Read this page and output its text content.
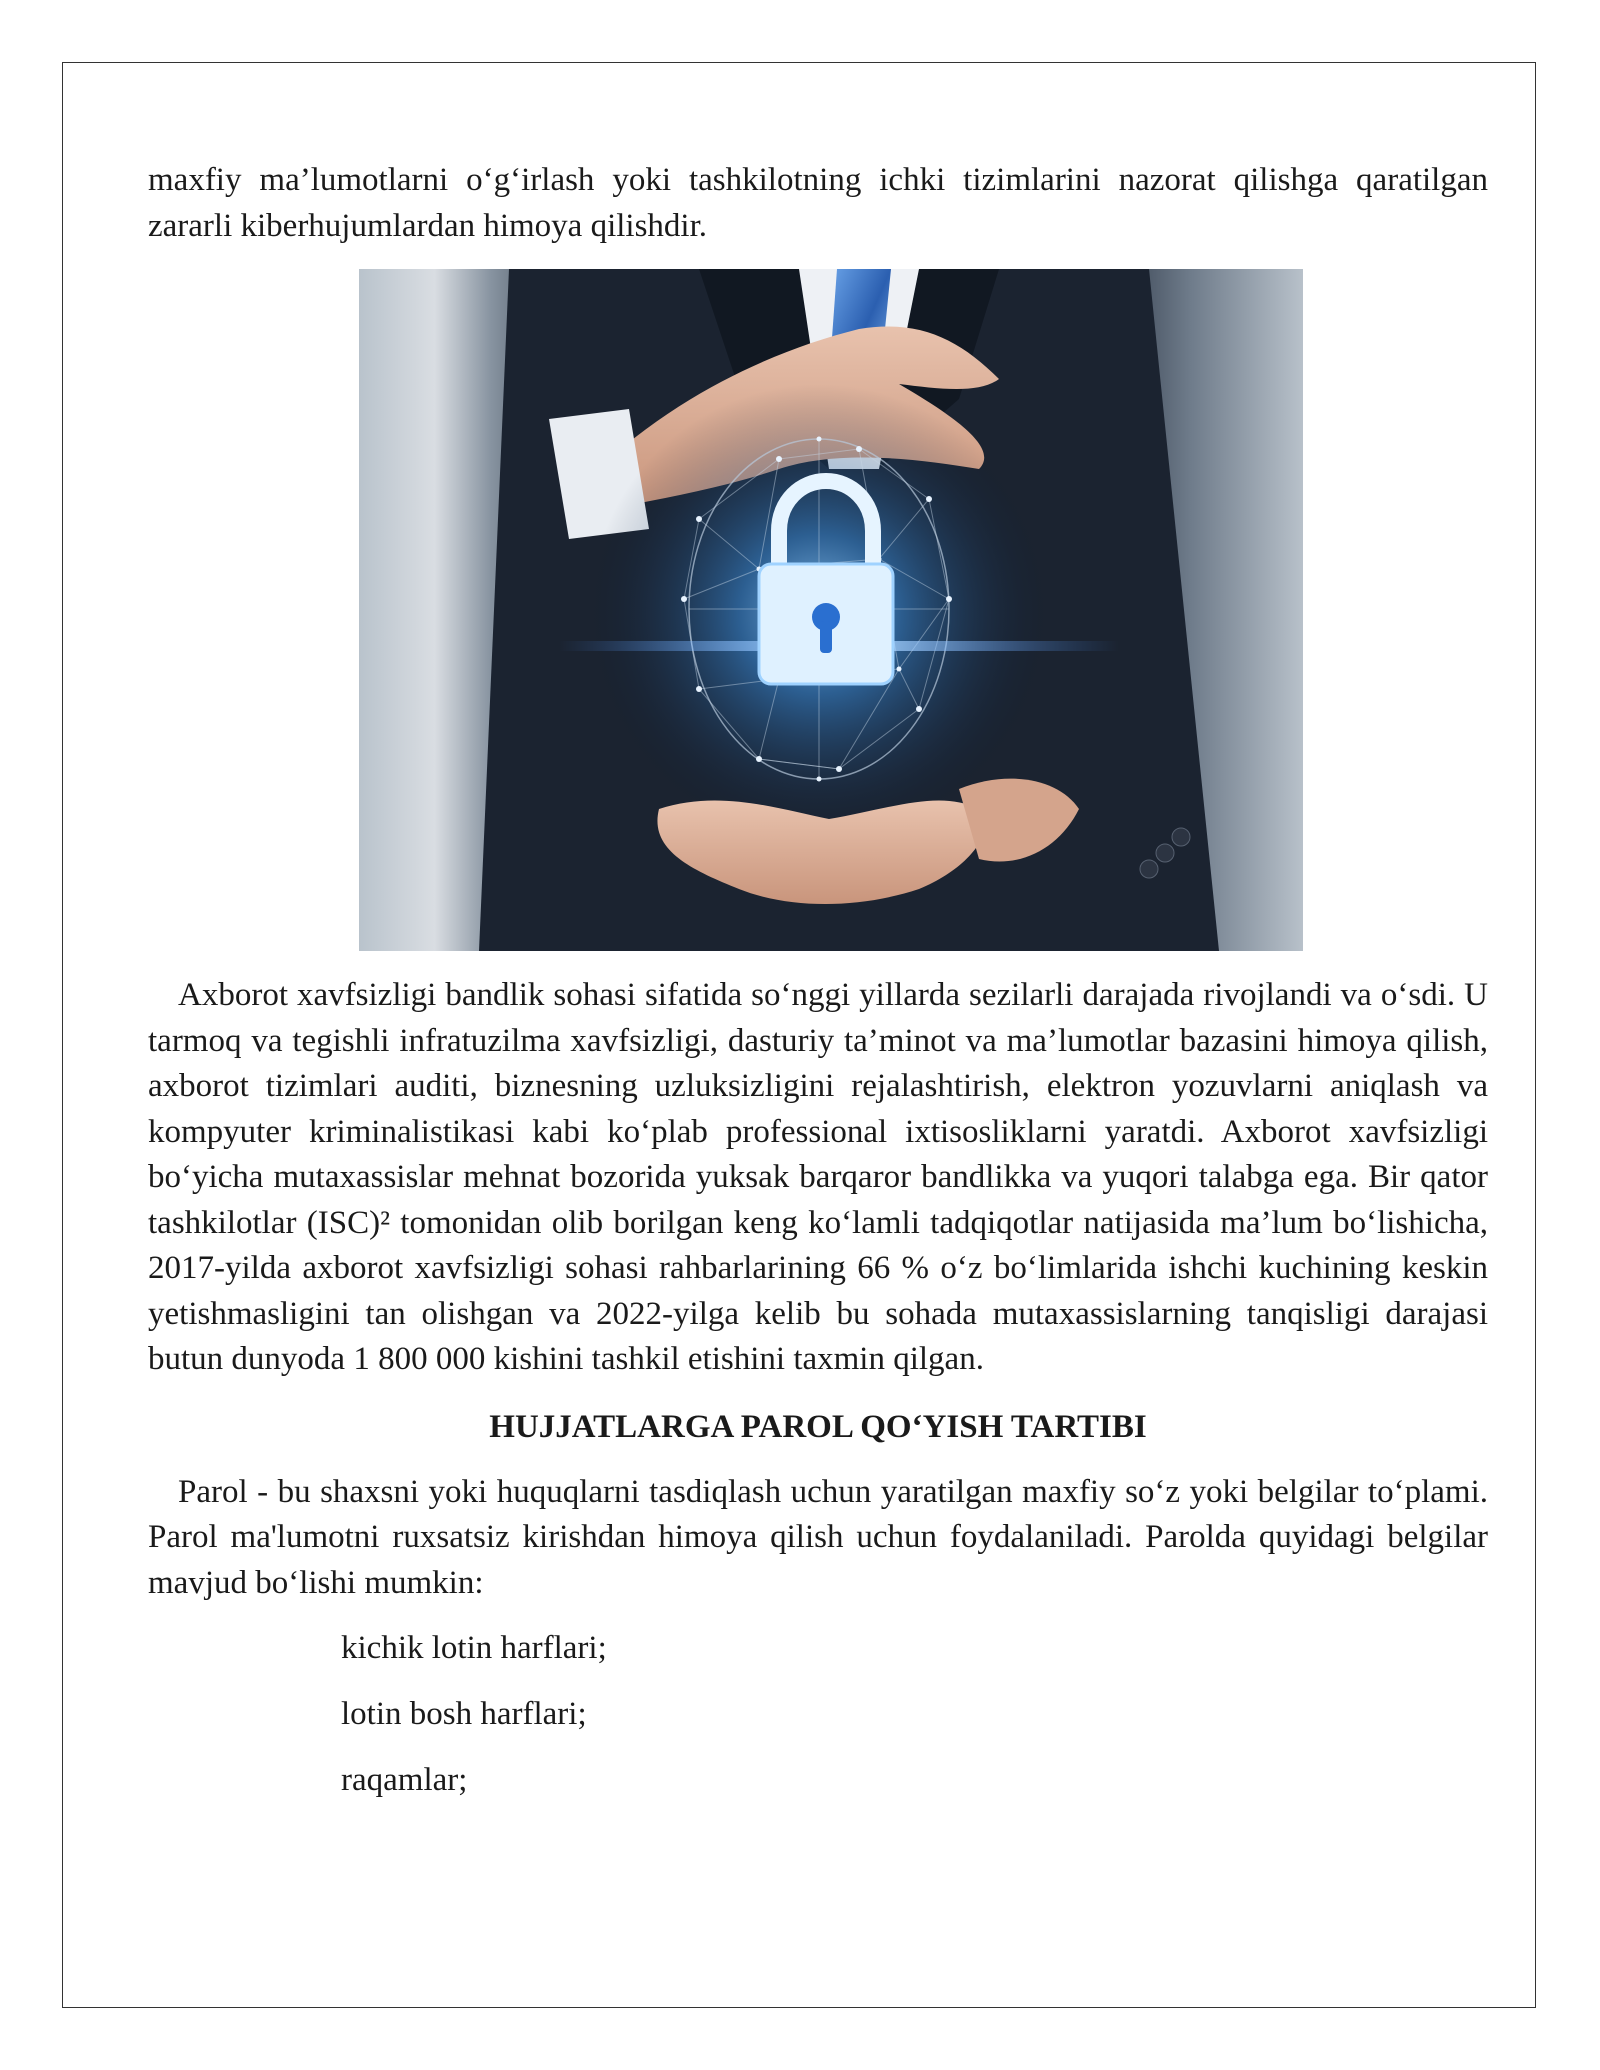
maxfiy ma’lumotlarni o‘g‘irlash yoki tashkilotning ichki tizimlarini nazorat qilishga qaratilgan zararli kiberhujumlardan himoya qilishdir.

Axborot xavfsizligi bandlik sohasi sifatida so‘nggi yillarda sezilarli darajada rivojlandi va o‘sdi. U tarmoq va tegishli infratuzilma xavfsizligi, dasturiy ta’minot va ma’lumotlar bazasini himoya qilish, axborot tizimlari auditi, biznesning uzluksizligini rejalashtirish, elektron yozuvlarni aniqlash va kompyuter kriminalistikasi kabi ko‘plab professional ixtisosliklarni yaratdi. Axborot xavfsizligi bo‘yicha mutaxassislar mehnat bozorida yuksak barqaror bandlikka va yuqori talabga ega. Bir qator tashkilotlar (ISC)² tomonidan olib borilgan keng ko‘lamli tadqiqotlar natijasida ma’lum bo‘lishicha, 2017-yilda axborot xavfsizligi sohasi rahbarlarining 66 % o‘z bo‘limlarida ishchi kuchining keskin yetishmasligini tan olishgan va 2022-yilga kelib bu sohada mutaxassislarning tanqisligi darajasi butun dunyoda 1 800 000 kishini tashkil etishini taxmin qilgan.

HUJJATLARGA PAROL QO‘YISH TARTIBI

Parol - bu shaxsni yoki huquqlarni tasdiqlash uchun yaratilgan maxfiy so‘z yoki belgilar to‘plami. Parol ma'lumotni ruxsatsiz kirishdan himoya qilish uchun foydalaniladi. Parolda quyidagi belgilar mavjud bo‘lishi mumkin:

kichik lotin harflari;
lotin bosh harflari;
raqamlar;
